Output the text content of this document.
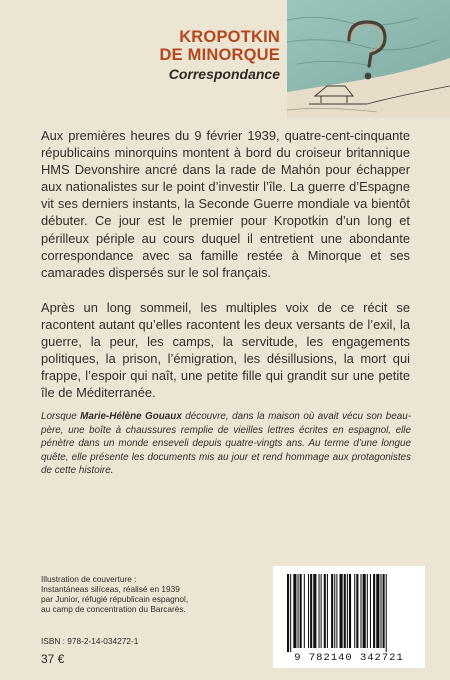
KROPOTKIN
DE MINORQUE
Correspondance
Aux premières heures du 9 février 1939, quatre-cent-cinquante républicains minorquins montent à bord du croiseur britannique HMS Devonshire ancré dans la rade de Mahón pour échapper aux nationalistes sur le point d’investir l’île. La guerre d’Espagne vit ses derniers instants, la Seconde Guerre mondiale va bientôt débuter. Ce jour est le premier pour Kropotkin d’un long et périlleux périple au cours duquel il entretient une abondante correspondance avec sa famille restée à Minorque et ses camarades dispersés sur le sol français.
Après un long sommeil, les multiples voix de ce récit se racontent autant qu’elles racontent les deux versants de l’exil, la guerre, la peur, les camps, la servitude, les engagements politiques, la prison, l’émigration, les désillusions, la mort qui frappe, l’espoir qui naît, une petite fille qui grandit sur une petite île de Méditerranée.
Lorsque Marie-Hélène Gouaux découvre, dans la maison où avait vécu son beau-père, une boîte à chaussures remplie de vieilles lettres écrites en espagnol, elle pénètre dans un monde enseveli depuis quatre-vingts ans. Au terme d’une longue quête, elle présente les documents mis au jour et rend hommage aux protagonistes de cette histoire.
Illustration de couverture :
Instantáneas silíceas, réalisé en 1939
par Junior, réfugié républicain espagnol,
au camp de concentration du Barcarès.
ISBN : 978-2-14-034272-1
37 €	9 782140 342721
